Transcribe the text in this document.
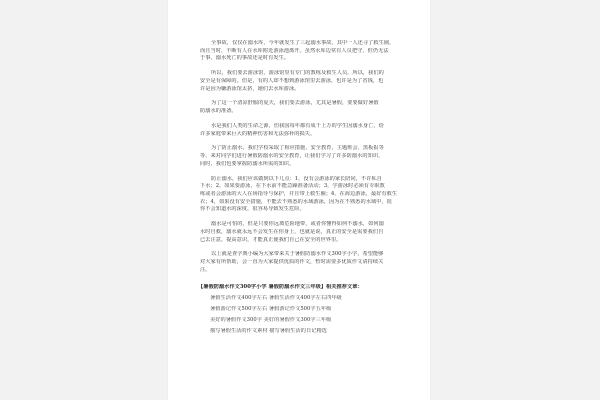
全事故，仅仅在溺水库，今年就发生了三起溺水事故，其中一人还寻了救生圈，
而且当时，不断有人在水库附近游泳池离开。虽然水库边常有人员把守，但仍无法
于事，溺水死亡的事故还是时有发生。
所以，我们要去游泳馆，游泳馆里有专门的教练及救生人员，所以，我们的
安全是有保障的。但是，有的人却不想到游泳馆里去游泳，也许是为了省钱，也
许是因为嫌游泳馆太挤，她们去水库游泳。
为了这一个清凉舒服的夏天，我们要去游泳，尤其是暑假，要要做好暑假
防溺水的准备。
水是我们人类的生命之源，但我国每年都有成千上万的学生因溺水身亡，给
许多家庭带来巨大的精神伤害和无法弥补的损失。
为了防止溺水，我们学校采取了相应措施，安全教育、主题班会、黑板报等
等，来对同学们进行暑假防溺水的安全教育，让我们学习了许多防溺水的知识，
同时，我们也要掌握防溺水所需的知识。
防止溺水，我们应该做到以下几点：1，没有会游泳的家长陪同，不许私自
下水；2，如果要游泳，在下水前不能急躁准备活动；3，学游泳时必须有专职教
练或者会游泳的大人在场指导与保护，并且带上救生圈；4，在海边游泳，最好有救生
衣；4，如果没有安全措施，不能去不熟悉的水域游泳，因为在不熟悉的水域中，很
你不会知道水的深度，很容易导致发生危险。
溺水是可怕的，但是只要你远离危险地带，或者你懂得如何不溺水，如何溺
水时自救，溺水就永远不会发生在你身上，也就是说，真正的安全是需要我们自
已去注意，提高意识，才能真正使我们自己在安全的世界里。
以上就是查字典小编为大家带来关于暑假防溺水作文300字小学，希望能够
对大家有所帮助，会一直为大家提供优质的作文，暂时需要多优质作文请持续关
注。
【暑假防溺水作文300字小学 暑假防溺水作文三年级】相关推荐文章：
暑假生活作文400字左右 暑假生活作文400字左右四年级
暑假游记作文500字左右 暑假游记作文500字五年级
美好的暑假作文300字 美好的暑假作文300字三年级
描写暑假生活的作文素材 描写暑假生活的日记精选
